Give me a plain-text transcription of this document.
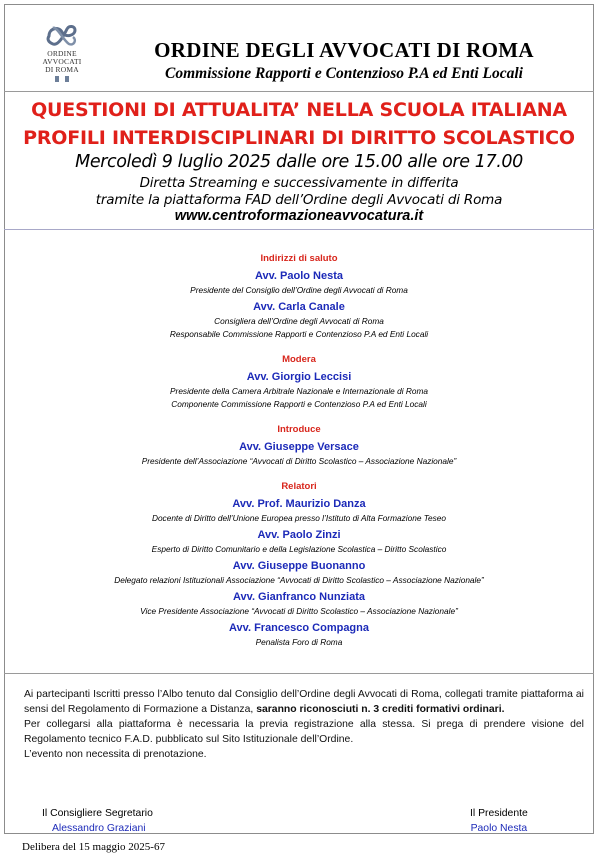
ORDINE
AVVOCATI
DI ROMA
ORDINE DEGLI AVVOCATI DI ROMA
Commissione Rapporti e Contenzioso P.A ed Enti Locali
QUESTIONI DI ATTUALITA’ NELLA SCUOLA ITALIANA
PROFILI INTERDISCIPLINARI DI DIRITTO SCOLASTICO
Mercoledì 9 luglio 2025 dalle ore 15.00 alle ore 17.00
Diretta Streaming e successivamente in differita
tramite la piattaforma FAD dell’Ordine degli Avvocati di Roma
www.centroformazioneavvocatura.it
Indirizzi di saluto
Avv. Paolo Nesta
Presidente del Consiglio dell’Ordine degli Avvocati di Roma
Avv. Carla Canale
Consigliera dell’Ordine degli Avvocati di Roma
Responsabile Commissione Rapporti e Contenzioso P.A ed Enti Locali
Modera
Avv. Giorgio Leccisi
Presidente della Camera Arbitrale Nazionale e Internazionale di Roma
Componente Commissione Rapporti e Contenzioso P.A ed Enti Locali
Introduce
Avv. Giuseppe Versace
Presidente dell’Associazione “Avvocati di Diritto Scolastico – Associazione Nazionale”
Relatori
Avv. Prof. Maurizio Danza
Docente di Diritto dell’Unione Europea presso l’Istituto di Alta Formazione Teseo
Avv. Paolo Zinzi
Esperto di Diritto Comunitario e della Legislazione Scolastica – Diritto Scolastico
Avv. Giuseppe Buonanno
Delegato relazioni Istituzionali Associazione “Avvocati di Diritto Scolastico – Associazione Nazionale”
Avv. Gianfranco Nunziata
Vice Presidente Associazione “Avvocati di Diritto Scolastico – Associazione Nazionale”
Avv. Francesco Compagna
Penalista Foro di Roma

Ai partecipanti Iscritti presso l’Albo tenuto dal Consiglio dell’Ordine degli Avvocati di Roma, collegati tramite piattaforma ai sensi del Regolamento di Formazione a Distanza, saranno riconosciuti n. 3 crediti formativi ordinari.

Per collegarsi alla piattaforma è necessaria la previa registrazione alla stessa. Si prega di prendere visione del Regolamento tecnico F.A.D. pubblicato sul Sito Istituzionale dell’Ordine.

L’evento non necessita di prenotazione.

Il Consigliere Segretario
Alessandro Graziani
Il Presidente
Paolo Nesta
Delibera del 15 maggio 2025-67
